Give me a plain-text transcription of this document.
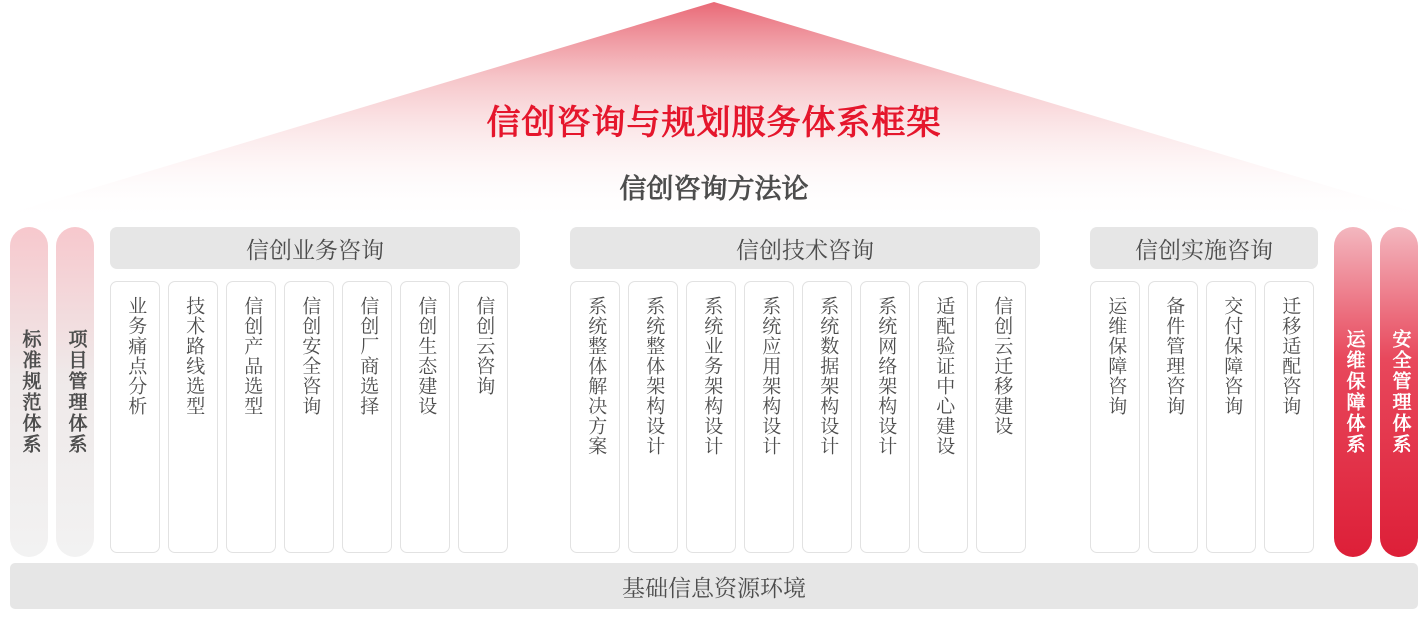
信创咨询与规划服务体系框架
信创咨询方法论
标准规范体系 项目管理体系
信创业务咨询
业务痛点分析 技术路线选型 信创产品选型 信创安全咨询 信创厂商选择 信创生态建设 信创云咨询
信创技术咨询
系统整体解决方案 系统整体架构设计 系统业务架构设计 系统应用架构设计 系统数据架构设计 系统网络架构设计 适配验证中心建设 信创云迁移建设
信创实施咨询
运维保障咨询 备件管理咨询 交付保障咨询 迁移适配咨询 运维保障体系 安全管理体系
基础信息资源环境
